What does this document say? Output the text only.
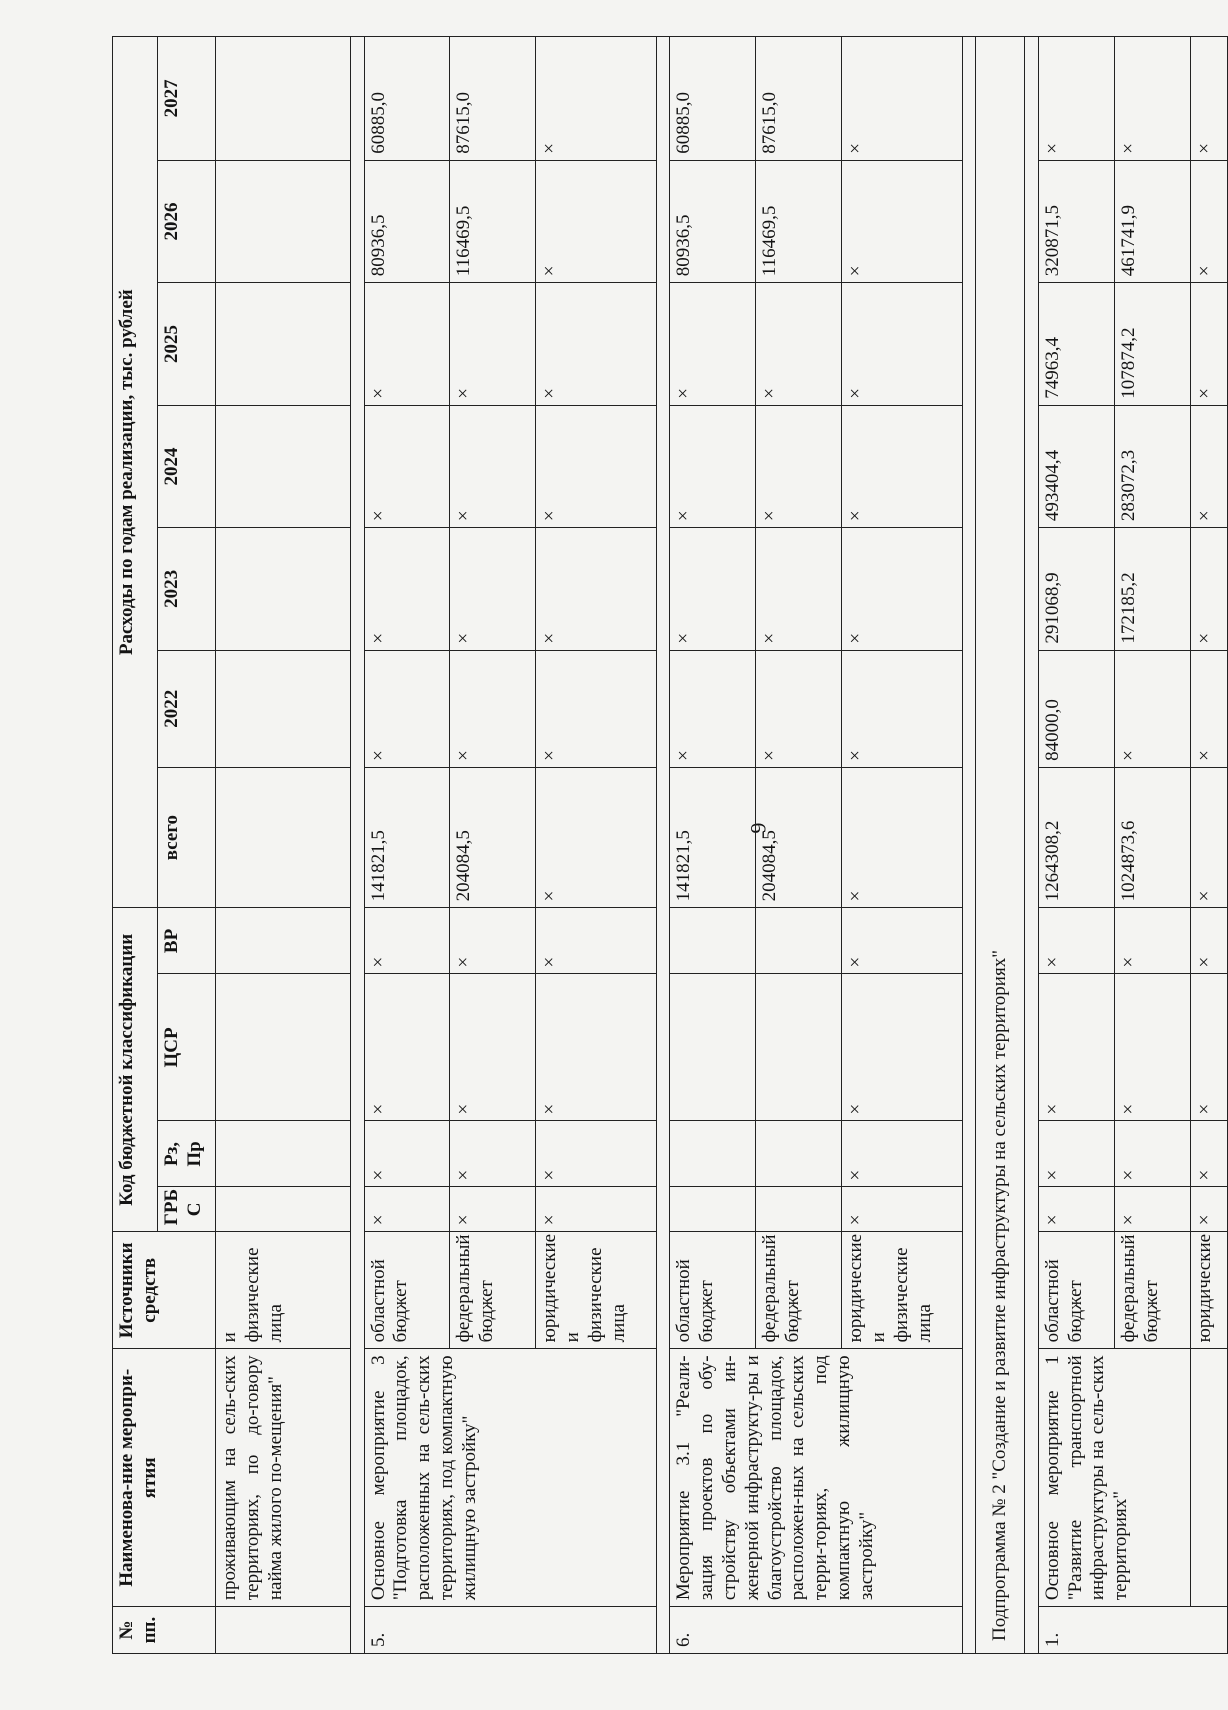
6
№ пп.	Наименова-ние меропри-ятия	Источники средств	Код бюджетной классификации				Расходы по годам реализации, тыс. рублей						
			ГРБ С	Рз, Пр	ЦСР	ВР	всего	2022	2023	2024	2025	2026	2027
	проживающим на сель-ских территориях, по до-говору найма жилого по-мещения"	и физические лица											

5.	Основное мероприятие 3 "Подготовка площадок, расположенных на сель-ских территориях, под компактную жилищную застройку"	областной бюджет	×	×	×	×	141821,5	×	×	×	×	80936,5	60885,0
		федеральный бюджет	×	×	×	×	204084,5	×	×	×	×	116469,5	87615,0
		юридические и физические лица	×	×	×	×	×	×	×	×	×	×	×

6.	Мероприятие 3.1 "Реали-зация проектов по обу-стройству объектами ин-женерной инфраструкту-ры и благоустройство площадок, расположен-ных на сельских терри-ториях, под компактную жилищную застройку"	областной бюджет					141821,5	×	×	×	×	80936,5	60885,0
		федеральный бюджет					204084,5	×	×	×	×	116469,5	87615,0
		юридические и физические лица	×	×	×	×	×	×	×	×	×	×	×

Подпрограмма № 2 "Создание и развитие инфраструктуры на сельских территориях"													

1.	Основное мероприятие 1 "Развитие транспортной инфраструктуры на сель-ских территориях"	областной бюджет	×	×	×	×	1264308,2	84000,0	291068,9	493404,4	74963,4	320871,5	×
		федеральный бюджет	×	×	×	×	1024873,6	×	172185,2	283072,3	107874,2	461741,9	×
		юридические	×	×	×	×	×	×	×	×	×	×	×
